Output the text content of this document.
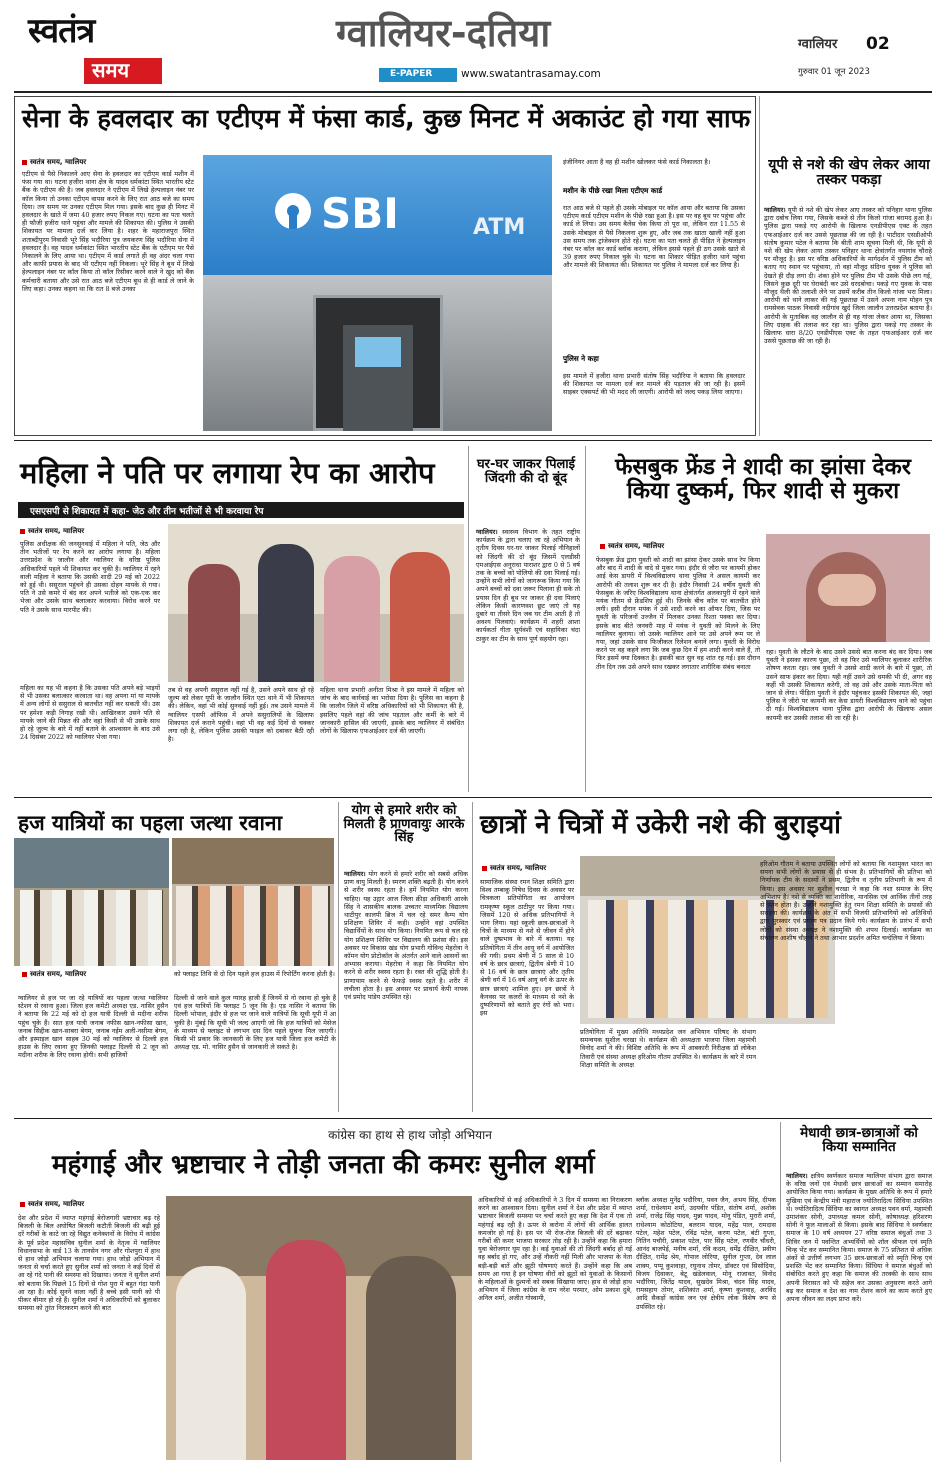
स्वतंत्र
समय
ग्वालियर-दतिया
E-PAPER	www.swatantrasamay.com
ग्वालियर 02
गुरुवार 01 जून 2023
सेना के हवलदार का एटीएम में फंसा कार्ड, कुछ मिनट में अकाउंट हो गया साफ
स्वतंत्र समय, ग्वालियर
एटीएम से पैसे निकालने आए सेना के हवलदार का एटीएम कार्ड मशीन में फंस गया था। घटना हजीरा थाना क्षेत्र के यादव धर्मकांटा स्थित भारतीय स्टेट बैंक के एटीएम की है। जब हवलदार ने एटीएम में लिखे हेल्पलाइन नंबर पर कॉल किया तो उनका एटीएम वापस करने के लिए रात आठ बजे का समय दिया। तय समय पर उनका एटीएम मिल गया। इसके बाद कुछ ही मिनट में हवलदार के खाते में जमा 40 हजार रुपए निकल गए। घटना का पता चलते ही फौजी हजीरा थाने पहुंचा और मामले की शिकायत की। पुलिस ने उसकी शिकायत पर मामला दर्ज कर लिया है। शहर के महाराजपुरा स्थित शताब्दीपुरम निवासी भूरे सिंह भदौरिया पुत्र जयकरण सिंह भदौरिया सेना में हवलदार है। वह यादव धर्मकांटा स्थित भारतीय स्टेट बैंक के एटीएम पर पैसे निकालने के लिए आया था। एटीएम में कार्ड लगाते ही वह अंदर चला गया और काफी प्रयास के बाद भी एटीएम नहीं निकला। भूरे सिंह ने बूथ में लिखे हेल्पलाइन नंबर पर कॉल किया तो कॉल रिसीवर करने वाले ने खुद को बैंक कर्मचारी बताया और उसे रात आठ बजे एटीएम बूथ से ही कार्ड ले जाने के लिए कहा। उनका कहना था कि रात 8 बजे उनका
SBI	ATM
इंजीनियर आता है वह ही मशीन खोलकर फंसे कार्ड निकालता है।
मशीन के पीछे रखा मिला एटीएम कार्ड
रात आठ बजे से पहले ही उसके मोबाइल पर कॉल आया और बताया कि उसका एटीएम कार्ड एटीएम मशीन के पीछे रखा हुआ है। इस पर वह बूथ पर पहुंचा और कार्ड ले लिया। उस समय बैलेंस चेक किया तो पूरा था, लेकिन रात 11.55 से उसके मोबाइल से पैसे निकलना शुरू हुए, और जब तक खाता खाली नहीं हुआ उस समय तक ट्रांजेक्शन होते रहे। घटना का पता चलते ही पीड़ित ने हेल्पलाइन नंबर पर कॉल कर कार्ड ब्लॉक कराया, लेकिन इससे पहले ही ठग उसके खाते से 39 हजार रुपए निकाल चुके थे। घटना का शिकार पीड़ित हजीरा थाने पहुंचा और मामले की शिकायत की। शिकायत पर पुलिस ने मामला दर्ज कर लिया है।
पुलिस ने कहा
इस मामले में हजीरा थाना प्रभारी संतोष सिंह भदौरिया ने बताया कि हवलदार की शिकायत पर मामला दर्ज कर मामले की पड़ताल की जा रही है। इसमें साइबर एक्सपर्ट की भी मदद ली जाएगी। आरोपी को जल्द पकड़ लिया जाएगा।
यूपी से नशे की खेप लेकर आया तस्कर पकड़ा
ग्वालियर। यूपी से नशे की खेप लेकर आए तस्कर को पनिहार थाना पुलिस द्वारा दबोच लिया गया, जिसके कब्जे से तीन किलो गांजा बरामद हुआ है। पुलिस द्वारा पकड़े गए आरोपी के खिलाफ एनडीपीएस एक्ट के तहत एफआईआर दर्ज कर उससे पूछताछ की जा रही है। पाटीदार एसडीओपी संतोष कुमार पटेल ने बताया कि बीती शाम सूचना मिली थी, कि यूपी से नशे की खेप लेकर आया तस्कर पनिहार थाना क्षेत्रांतर्गत नयागांव चौराहे पर मौजूद है। इस पर वरिष्ठ अधिकारियों के मार्गदर्शन में पुलिस टीम को बताए गए स्थान पर पहुंचाया, तो वहां मौजूद संदिग्ध युवक ने पुलिस को देखते ही दौड़ लगा दी। शंका होने पर पुलिस टीम भी उसके पीछे लग गई, जिसने कुछ दूरी पर घेराबंदी कर उसे धरदबोचा। पकड़े गए युवक के पास मौजूद थैली की तलाशी लेने पर उसमें करीब तीन किलो गांजा भरा मिला। आरोपी को थाने लाकर की गई पूछताछ में उसने अपना नाम मोहन पुत्र रामसेवक पाठक निवासी नदीगांव खुर्द जिला जालौन उत्तरप्रदेश बताया है। आरोपी के मुताबिक वह जालौन से ही यह गांजा लेकर आया था, जिसका लिए ग्राहक की तलाश कर रहा था। पुलिस द्वारा पकड़े गए तस्कर के खिलाफ धारा 8/20 एनडीपीएस एक्ट के तहत एफआईआर दर्ज कर उससे पूछताछ की जा रही है।
महिला ने पति पर लगाया रेप का आरोप
एसएसपी से शिकायत में कहा- जेठ और तीन भतीजों से भी करवाया रेप
स्वतंत्र समय, ग्वालियर
पुलिस अधीक्षक की जनसुनवाई में महिला ने पति, जेठ और तीन भतीजों पर रेप करने का आरोप लगाया है। महिला उत्तरप्रदेश के जालौन और ग्वालियर के वरिष्ठ पुलिस अधिकारियों पहले भी शिकायत कर चुकी है। ग्वालियर में रहने वाली महिला ने बताया कि उसकी शादी 29 मई को 2022 को हुई थी। ससुराल पहुंचने ही उसका दोहन मायके से गया। पति ने उसे कमरे में बंद कर अपने भतीजे को एक-एक कर भेजा और उसके साथ बलात्कार करवाया। विरोध करने पर पति ने उसके साथ मारपीट की।
महिला का यह भी कहना है कि उसका पति अपने बड़े भाइयों से भी उसका बलात्कार करवाता था। वह अपना मां या मायके में अन्य लोगों से ससुराल से बातचीत नहीं कर सकती थी। उस पर हमेशा कड़ी निगाह रखी थी। आखिरकार उसने पति से मायके जाने की मिन्नत की और वहां किसी से भी उसके साथ हो रहे जुल्म के बारे में नहीं बताने के आश्वासन के बाद उसे 24 दिसंबर 2022 को ग्वालियर भेजा गया।
तब से वह अपनी ससुराल नहीं गई है, उसने अपने साथ हो रहे जुल्म को लेकर यूपी के जालौन स्थित एटा थाने में भी शिकायत की। लेकिन, वहां भी कोई सुनवाई नहीं हुई। तब उसने मामले में ग्वालियर एसपी ऑफिस में अपने ससुरालियों के खिलाफ शिकायत दर्ज कराने पहुंची। वहां भी वह कई दिनों से चक्कर लगा रही है, लेकिन पुलिस उसकी फाइल को दबाकर बैठी रही है।
महिला थाना प्रभारी अनीता मिश्रा ने इस मामले में महिला को जांच के बाद कार्रवाई का भरोसा दिया है। पुलिस का कहना है कि जालौन जिले में वरिष्ठ अधिकारियों को भी शिकायत की है, इसलिए पहले वहां की जांच पड़ताल और कर्मी के बारे में जानकारी हासिल की जाएगी, इसके बाद ग्वालियर में संबंधित लोगों के खिलाफ एफआईआर दर्ज की जाएगी।
घर-घर जाकर पिलाई जिंदगी की दो बूंद
ग्वालियर। स्वास्थ्य विभाग के तहत राष्ट्रीय कार्यक्रम के द्वारा चलाए जा रहे अभियान के तृतीय दिवस घर-घर जाकर पिलाई नौनिहालों को जिंदगी की दो बूंद जिसमें एलडीसी एमआईएस अनुराधा पाराशर द्वारा 0 से 5 वर्ष तक के बच्चों को पोलियो की दवा पिलाई गई। उन्होंने सभी लोगों को जागरूक किया गया कि अपने बच्चों को दवा जरूर पिलाना ही सके तो प्रयास दिन ही बूथ पर जाकर ही दवा पिलाएं लेकिन किसी कारणवश छूट जाएं तो यह दुबारे या तीसरे दिन जब घर टीम आती है तो अवश्य पिलवाएं। कार्यक्रम में शहरी आशा कार्यकर्ता गीता सूर्यवंशी एवं सहायिका चंदा ठाकुर का टीम के साथ पूर्ण सहयोग रहा।
फेसबुक फ्रेंड ने शादी का झांसा देकर किया दुष्कर्म, फिर शादी से मुकरा
स्वतंत्र समय, ग्वालियर
फेसबुक फ्रेंड द्वारा युवती को शादी का झांसा देकर उसके साथ रेप किया और बाद में शादी के वादे से मुकर गया। इंदौर से जौरा पर कायमी होकर आई केस डायरी में विश्वविद्यालय थाना पुलिस ने असल कायमी कर आरोपी की तलाश शुरू कर दी है। इंदौर निवासी 24 वर्षीय युवती की फेसबुक के जरिए विश्वविद्यालय थाना क्षेत्रांतर्गत अलकापुरी में रहने वाले मयंक गौतम से फ्रेंडशिप हुई थी। जिनके बीच कॉल पर बातचीत होने लगी। इसी दौरान मयंक ने उसे शादी करने का ऑफर दिया, जिस पर युवती के परिजनों उज्जैन में मिलकर उनका रिश्ता पक्का कर दिया। इसके बाद बीते जनवरी माह में मयंक ने युवती को मिलने के लिए ग्वालियर बुलाया। जो उसके ग्वालियर आने पर उसे अपने रूम पर ले गया, जहां उसके साथ फिजीकल रिलेशन बनाने लगा। युवती के विरोध करने पर वह कहने लगा कि जब कुछ दिन में हम शादी करने वाले हैं, तो फिर इसमें क्या दिक्कत है। इसकी बात सुन वह शांत रह गई। इस दौरान तीन दिन तक उसे अपने साथ रखकर लगातार शारीरिक संबंध बनाता
रहा। युवती के लौटने के बाद उसने उससे बात करना बंद कर दिया। जब युवती ने इसका कारण पूछा, तो वह फिर उसे ग्वालियर बुलाकर शारीरिक शोषण करता रहा। जब युवती ने उससे शादी करने के बारे में पूछा, तो उसने साफ इंकार कर दिया। यही नहीं उसने उसे धमकी भी दी, अगर वह कहीं भी उसकी शिकायत करेगी, तो वह उसे और उसके माता-पिता को जान से लेगा। पीड़िता युवती ने इंदौर पहुंचकर इसकी शिकायत की, जहां पुलिस ने जीरो पर कायमी कर केस डायरी विश्वविद्यालय थाने को पहुंचा दी गई। विश्वविद्यालय थाना पुलिस द्वारा आरोपी के खिलाफ असल कायमी कर उसकी तलाश की जा रही है।
हज यात्रियों का पहला जत्था रवाना
स्वतंत्र समय, ग्वालियर
ग्वालियर से हज पर जा रहे यात्रियों का पहला जत्था ग्वालियर स्टेशन से रवाना हुआ। जिला हज कमेटी अध्यक्ष एड. नासिर हुसैन ने बताया कि 22 मई को दो हज यात्री दिल्ली से मदीना शरीफ पहुंच चुके हैं। सात हज यात्री जनाब नफीस खान-नफीसा खान, जनाब सिद्दीक खान-साबरा बेगम, जनाब नईम अली-नसीमा बेगम, और इस्माइल खान साहब 30 मई को ग्वालियर से दिल्ली हज हाउस के लिए रवाना हुए जिनकी फ्लाइट दिल्ली से 2 जून को मदीना शरीफ के लिए रवाना होगी। सभी हाजियों
को फ्लाइट तिथि से दो दिन पहले हज हाउस में रिपोर्टिंग करना होती है।
दिल्ली से जाने वाले कुल ग्यारह हाजी हैं जिनमें से नो रवाना हो चुके हैं एवं हज यात्रियों कि फ्लाइट 5 जून कि है। एड नासिर ने बताया कि दिल्ली भोपाल, इंदौर से हज पर जाने वाले यात्रियों कि सूची यूपी में आ चुकी है। मुंबई कि सूची भी जल्द आएगी जो कि हज यात्रियों को मेसेज के माध्यम से फ्लाइट से लगभग दस दिन पहले सूचना मिल जाएगी। किसी भी प्रकार कि जानकारी के लिए हज यात्री जिला हज कमेटी के अध्यक्ष एड. मो. नासिर हुसैन से जानकारी ले सकते है।
योग से हमारे शरीर को मिलती है प्राणवायुः आरके सिंह
ग्वालियर। योग करने से हमारे शरीर को सबसे अधिक प्राण वायु मिलती है। स्मरण शक्ति बढ़ती है। योग करने से शरीर स्वस्थ रहता है। हमें नियमित योग करना चाहिए। यह उद्गार आज जिला क्रीड़ा अधिकारी आरके सिंह ने शासकीय बालक उच्चतर माध्यमिक विद्यालय थाटीपुर कालपी ब्रिज में चल रहे समर कैम्प योग प्रशिक्षण शिविर में कही। उन्होंने वहां उपस्थित विद्यार्थियों के साथ योग किया। नियमित रूप से चल रहे योग प्रशिक्षण शिविर पर विद्यालय की प्रशंसा की। इस अवसर पर विकास खंड योग प्रभारी गोविन्द मेहरोत्रा ने कॉमन योग प्रोटोकॉल के अंतर्गत आने वाले आसनों का अभ्यास कराया। मेहरोत्रा ने कहा कि नियमित योग करने से शरीर स्वस्थ रहता है। रक्त की शुद्धि होती है। प्राणायाम करने से फेफड़े स्वस्थ रहते है। शरीर में लचीला होता है। इस अवसर पर प्राचार्य केपी नायक एवं प्रमोद पांडेय उपस्थित रहे।
छात्रों ने चित्रों में उकेरी नशे की बुराइयां
स्वतंत्र समय, ग्वालियर
सामाजिक संस्था रमन शिक्षा समिति द्वारा विश्व तम्बाकू निषेध दिवस के अवसर पर चित्रकला प्रतियोगिता का आयोजन रामकृष्ण स्कूल ठाटीपुर पर किया गया। जिसमें 120 से अधिक प्रतिभागियों ने भाग लिया। यहां स्कूली छात्र-छात्राओं ने चित्रों के माध्यम से नशे से जीवन में होने वाले दुष्प्रभाव के बारे में बताया। यह प्रतियोगिता में तीन आयु वर्ग में आयोजित की गयी। प्रथम श्रेणी में 5 साल से 10 वर्ष के छात्र छात्राएं, द्वितीय श्रेणी में 10 से 16 वर्ष के छात्र छात्राएं और तृतीय श्रेणी वर्ग में 16 वर्ष आयु वर्ग के ऊपर के छात्र छात्राएं शामिल हुए। इन छात्रों ने कैनवस पर कलरों के माध्यम से नशे के दुष्परिणामों को बताते हुए रंगों को भरा। इस
प्रतियोगिता में मुख्य अतिथि मध्यप्रदेश जन अभियान परिषद के संभाग समन्वयक सुशील चरखा थे। कार्यक्रम की अध्यक्षता भाजपा जिला महामंत्री विनोद शर्मा ने की। विशिष्ट अतिथि के रूप में आबकारी निरीक्षक डॉ लोकेश तिवारी एवं संस्था अध्यक्ष हरिओम गौतम उपस्थित थे। कार्यक्रम के बारे में रमन शिक्षा समिति के अध्यक्ष
हरिओम गौतम ने बताया उपस्थित लोगों को बताया कि नशामुक्त भारत का सपना सभी लोगों के प्रयास से ही संभव है। प्रतिभागियों की प्रतिभा को निर्णायक टीम के सदस्यों ने प्रथम, द्वितीय व तृतीय प्रतिभागी के रूप में किया। इस अवसर पर सुशील चरखा ने कहा कि नशा समाज के लिए अभिशाप है। नशे से व्यक्ति का शारीरिक, मानसिक एवं आर्थिक तीनों तरह से पतन होता है। उन्होंने नशामुक्ति हेतु रमन शिक्षा समिति के प्रयासों की सराहना की। कार्यक्रम के अंत में सभी विजयी प्रतिभागियों को अतिथियों द्वारा पुरस्कार एवं प्रमाण पत्र प्रदान किये गये। कार्यक्रम के प्रारंभ में सभी लोगों को संस्था अध्यक्ष ने नशामुक्ति की शपथ दिलाई। कार्यक्रम का संचालन आशीष चौहान ने तथा आभार प्रदर्शन अमित चन्देलिया ने किया।
कांग्रेस का हाथ से हाथ जोड़ो अभियान
महंगाई और भ्रष्टाचार ने तोड़ी जनता की कमरः सुनील शर्मा
स्वतंत्र समय, ग्वालियर
देश और प्रदेश में व्याप्त महंगाई बेरोजगारी भ्रष्टाचार बढ़ रहे बिजली के बिल अघोषित बिजली कटौती बिजली की बढ़ी हुई दरें गरीबों के काटे जा रहे विद्युत कनेक्शनों के विरोध में कांग्रेस के पूर्व प्रदेश महासचिव सुनील शर्मा के नेतृत्व में ग्वालियर विधानसभा के वार्ड 13 के तानसेन नगर और गोशपुरा में हाथ से हाथ जोड़ो अभियान चलाया गया। हाथ जोड़ो अभियान में जनता से चर्चा करते हुए सुनील शर्मा को जनता ने कई दिनों से आ रहे गंदे पानी की समस्या को दिखाया। जनता ने सुनील शर्मा को बताया कि पिछले 15 दिनों से गोश पुरा में बहुत गंदा पानी आ रहा है। कोई सुनने वाला नहीं है बच्चे इसी पानी को पी पीकर बीमार हो रहे हैं। सुनील शर्मा ने अधिकारियों को बुलाकर समस्या को तुरंत निराकरण करने की बात
अधिकारियों से कई अधिकारियों ने 3 दिन में समस्या का निराकरण करने का आश्वासन दिया। सुनील शर्मा ने देश और प्रदेश में व्याप्त भ्रष्टाचार बिजली समस्या पर चर्चा करते हुए कहा कि देश में एक तो महंगाई बढ़ रही है। ऊपर से करोना में लोगों की आर्थिक हालत कमजोर हो गई है। इस पर भी रोज-रोज बिजली की दरें बढ़ाकर गरीबों की कमर भाजपा सरकार तोड़ रही है। उन्होंने कहा कि हमारा युवा बेरोजगार घूम रहा है। कई युवाओं की तो जिंदगी बर्बाद हो गई वह बर्बाद हो गए, और उन्हें नौकरी नहीं मिली और भाजपा के नेता बड़ी-बड़ी बातें और झूठी घोषणाएं करते हैं। उन्होंने कहा कि अब समय आ गया है इन घोषणा वीरों को झूठों को युवाओं के किसानों के महिलाओं के दुश्मनों को सबक सिखाया जाए। हाथ से जोड़ो हाथ अभियान में जिला कांग्रेस के राम नरेश परमार, ओम प्रकाश दुबे, अनिल शर्मा, अजीत गोस्वामी,
ब्लॉक अध्यक्ष मुनेंद्र भदौरिया, पवन जैन, अभय सिंह, दीपक शर्मा, राधेश्याम शर्मा, उदयवीर पंडित, संतोष शर्मा, अशोक शर्मा, राजेंद्र सिंह यादव, मुन्ना यादव, मोनू पंडित, मुरारी शर्मा, राधेश्याम कोठोटिया, बलराम यादव, महेंद्र पाल, रामदास पटेल, महेश पटेल, रविंद्र पटेल, करण पटेल, बंटी गुप्ता, नितिन पचौरी, प्रकाश पटेल, पार सिंह पटेल, रणवीर चौधरी, आनंद बाजपेई, मनीष शर्मा, रवि कदम, धर्मेंद्र दीक्षित, प्रवीण दीक्षित, रामेंद्र श्रेय, गोपाल लोरिया, सुनील गुप्ता, देव लाल शाक्य, पप्पू कुशवाहा, रघुनाथ तोमर, डॉक्टर एवं सिसोदिया, विजय दिवाकर, बेटू खंडेलवाल, मोनू राजावत, विनोद भदौरिया, जितेंद्र यादव, सुखदेव मिश्रा, चंदन सिंह यादव, रामसहाय तोमर, शशिकांत शर्मा, कृष्णा कुशवाह, अरविंद आदि सैकड़ों कांग्रेस जन एवं क्षेत्रीय लोक विशेष रूप से उपस्थित रहे।
मेधावी छात्र-छात्राओं को किया सम्मानित
ग्वालियर। क्षत्रिय स्वर्णकार समाज ग्वालियर संभाग द्वारा समाज के वरिष्ठ जनों एवं मेधावी छात्र छात्राओं का सम्मान समारोह आयोजित किया गया। कार्यक्रम के मुख्य अतिथि के रूप में हमारे मुखिया एवं केन्द्रीय मंत्री महाराज ज्योतिरादित्य सिंधिया उपस्थित थे। ज्योतिरादित्य सिंधिया का स्वागत अध्यक्ष पवन वर्मा, महामंत्री उमाशंकर सोनी, उपाध्यक्ष कमल सोनी, कोषाध्यक्ष हरिशरण सोनी ने फूल मालाओं से किया। इसके बाद सिंधिया ने स्वर्णकार समाज के 10 वर्ष अध्ययन 27 वरिष्ठ समाज बंधुओं तथा 3 शिविर जन में पवन्तित अभ्यर्थियों को शॉल श्रीफल एवं स्मृति चिन्ह भेंट कर सम्मानित किया। समाज के 75 प्रतिशत से अधिक अंकों से उत्तीर्ण लगभग 35 छात्र-छात्राओं को स्मृति चिन्ह एवं प्रशस्ति भेंट कर सम्मानित किया। सिंधिया ने समाज बंधुओं को संबोधित करते हुए कहा कि समाज की तरक्की के साथ साथ अपनी विरासत को भी सहेज कर उसका अनुसरण करते आगे बढ़ कर समाज व देश का नाम रोशन करने का काम करते हुए अपना जीवन का लक्ष्य प्राप्त करें।
